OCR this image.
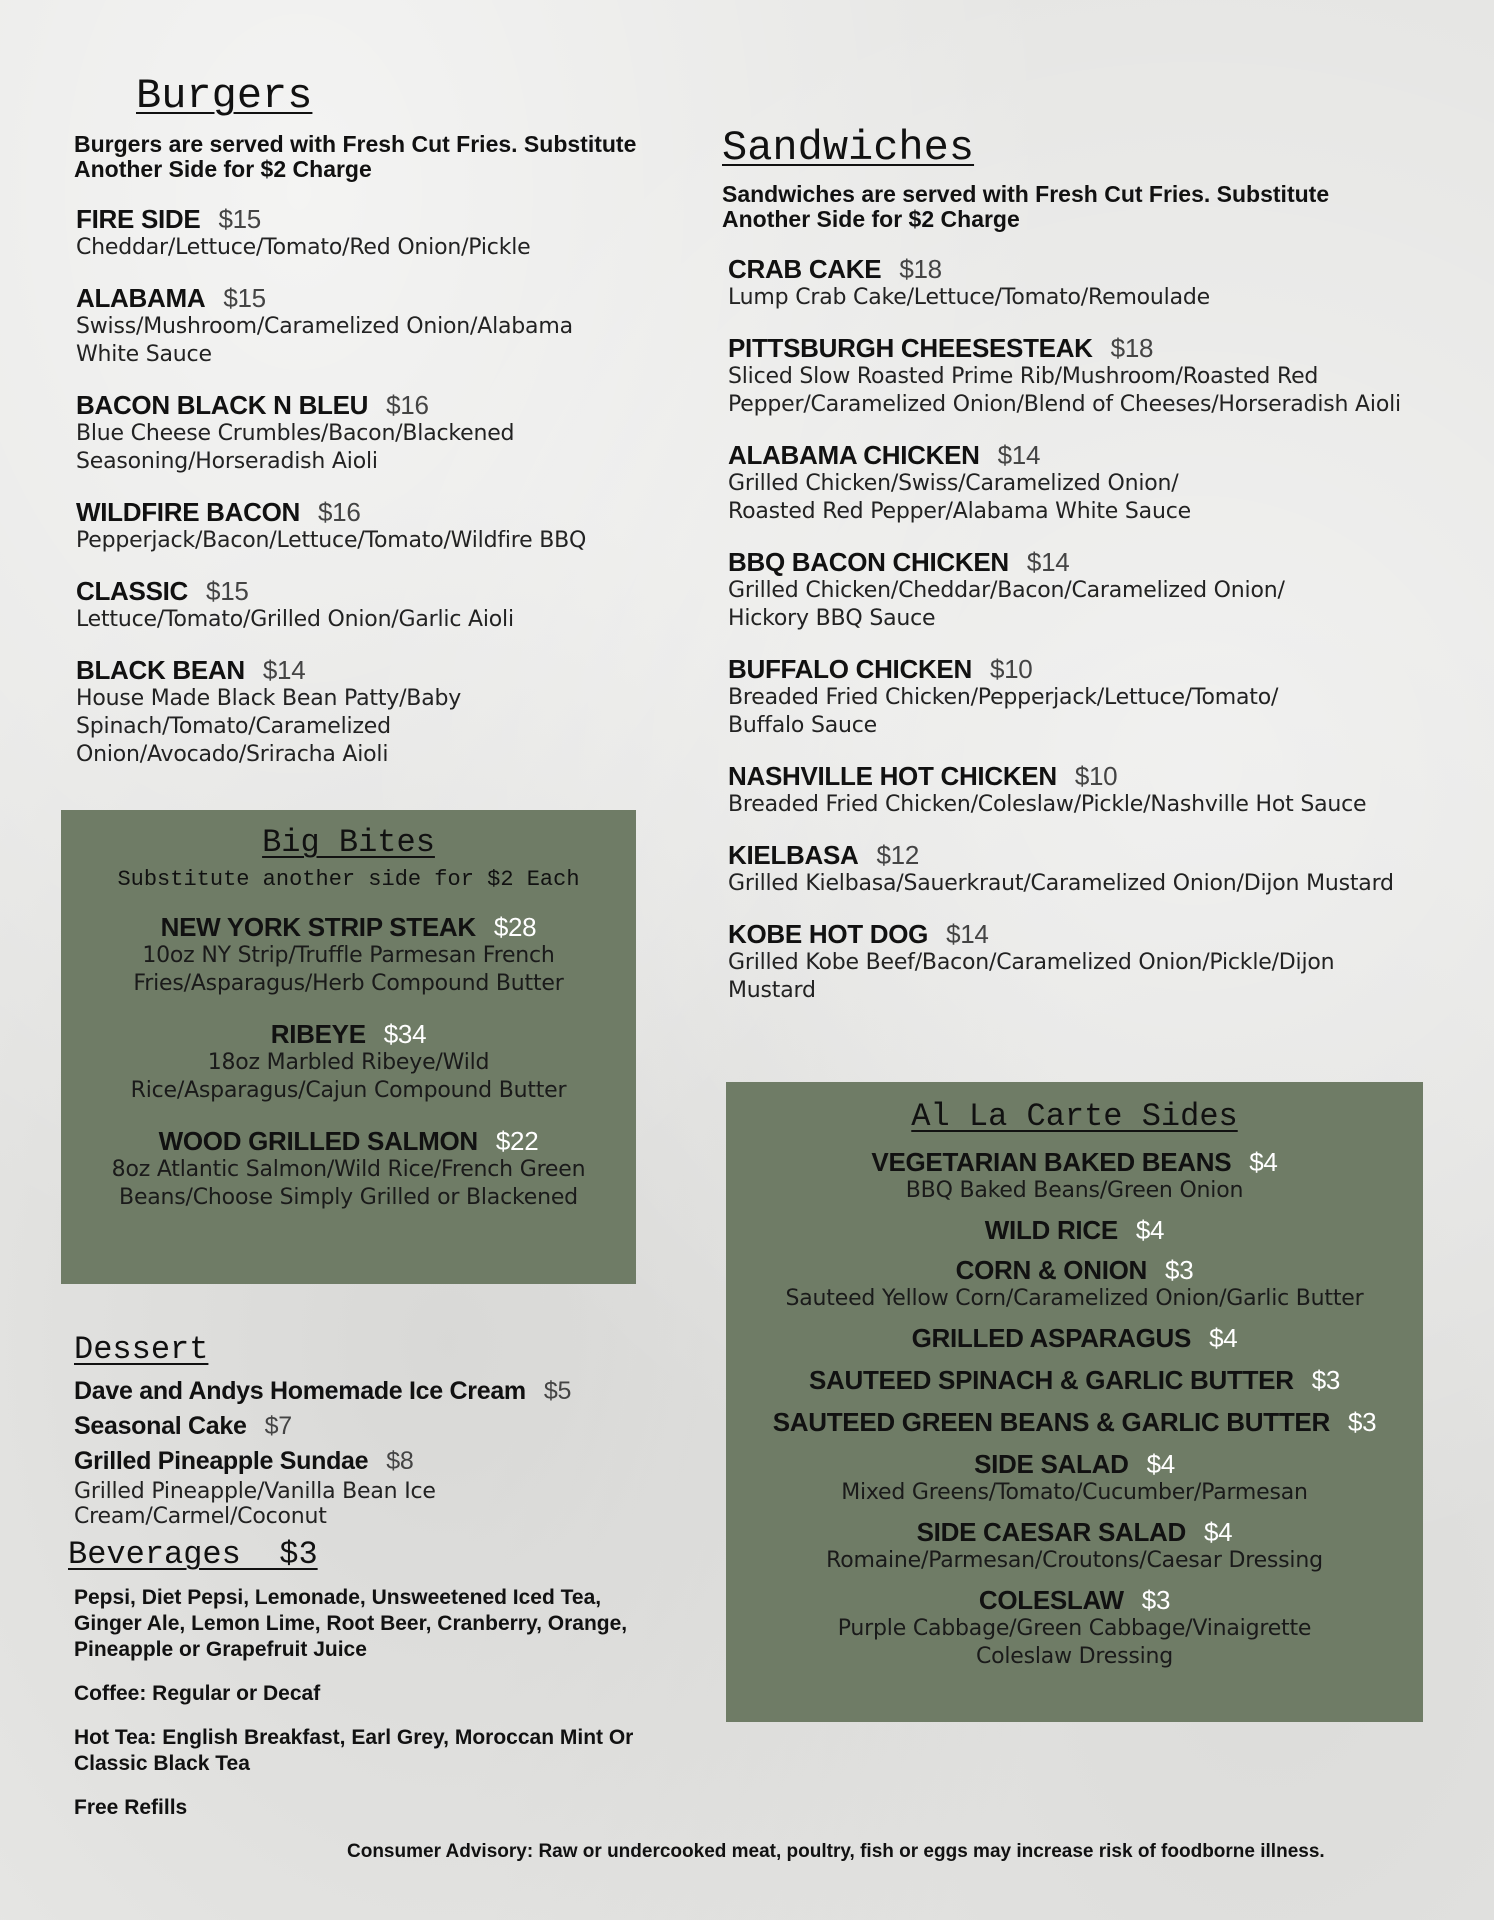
Burgers
Burgers are served with Fresh Cut Fries. Substitute Another Side for $2 Charge
FIRE SIDE $15
Cheddar/Lettuce/Tomato/Red Onion/Pickle
ALABAMA $15
Swiss/Mushroom/Caramelized Onion/Alabama White Sauce
BACON BLACK N BLEU $16
Blue Cheese Crumbles/Bacon/Blackened Seasoning/Horseradish Aioli
WILDFIRE BACON $16
Pepperjack/Bacon/Lettuce/Tomato/Wildfire BBQ
CLASSIC $15
Lettuce/Tomato/Grilled Onion/Garlic Aioli
BLACK BEAN $14
House Made Black Bean Patty/Baby Spinach/Tomato/Caramelized Onion/Avocado/Sriracha Aioli
Big Bites
Substitute another side for $2 Each
NEW YORK STRIP STEAK $28
10oz NY Strip/Truffle Parmesan French Fries/Asparagus/Herb Compound Butter
RIBEYE $34
18oz Marbled Ribeye/Wild Rice/Asparagus/Cajun Compound Butter
WOOD GRILLED SALMON $22
8oz Atlantic Salmon/Wild Rice/French Green Beans/Choose Simply Grilled or Blackened
Dessert
Dave and Andys Homemade Ice Cream $5
Seasonal Cake $7
Grilled Pineapple Sundae $8
Grilled Pineapple/Vanilla Bean Ice Cream/Carmel/Coconut
Beverages  $3
Pepsi, Diet Pepsi, Lemonade, Unsweetened Iced Tea, Ginger Ale, Lemon Lime, Root Beer, Cranberry, Orange, Pineapple or Grapefruit Juice
Coffee: Regular or Decaf
Hot Tea: English Breakfast, Earl Grey, Moroccan Mint Or Classic Black Tea
Free Refills
Sandwiches
Sandwiches are served with Fresh Cut Fries. Substitute Another Side for $2 Charge
CRAB CAKE $18
Lump Crab Cake/Lettuce/Tomato/Remoulade
PITTSBURGH CHEESESTEAK $18
Sliced Slow Roasted Prime Rib/Mushroom/Roasted Red Pepper/Caramelized Onion/Blend of Cheeses/Horseradish Aioli
ALABAMA CHICKEN $14
Grilled Chicken/Swiss/Caramelized Onion/ Roasted Red Pepper/Alabama White Sauce
BBQ BACON CHICKEN $14
Grilled Chicken/Cheddar/Bacon/Caramelized Onion/ Hickory BBQ Sauce
BUFFALO CHICKEN $10
Breaded Fried Chicken/Pepperjack/Lettuce/Tomato/ Buffalo Sauce
NASHVILLE HOT CHICKEN $10
Breaded Fried Chicken/Coleslaw/Pickle/Nashville Hot Sauce
KIELBASA $12
Grilled Kielbasa/Sauerkraut/Caramelized Onion/Dijon Mustard
KOBE HOT DOG $14
Grilled Kobe Beef/Bacon/Caramelized Onion/Pickle/Dijon Mustard
Al La Carte Sides
VEGETARIAN BAKED BEANS $4
BBQ Baked Beans/Green Onion
WILD RICE $4
CORN & ONION $3
Sauteed Yellow Corn/Caramelized Onion/Garlic Butter
GRILLED ASPARAGUS $4
SAUTEED SPINACH & GARLIC BUTTER $3
SAUTEED GREEN BEANS & GARLIC BUTTER $3
SIDE SALAD $4
Mixed Greens/Tomato/Cucumber/Parmesan
SIDE CAESAR SALAD $4
Romaine/Parmesan/Croutons/Caesar Dressing
COLESLAW $3
Purple Cabbage/Green Cabbage/Vinaigrette Coleslaw Dressing
Consumer Advisory: Raw or undercooked meat, poultry, fish or eggs may increase risk of foodborne illness.
